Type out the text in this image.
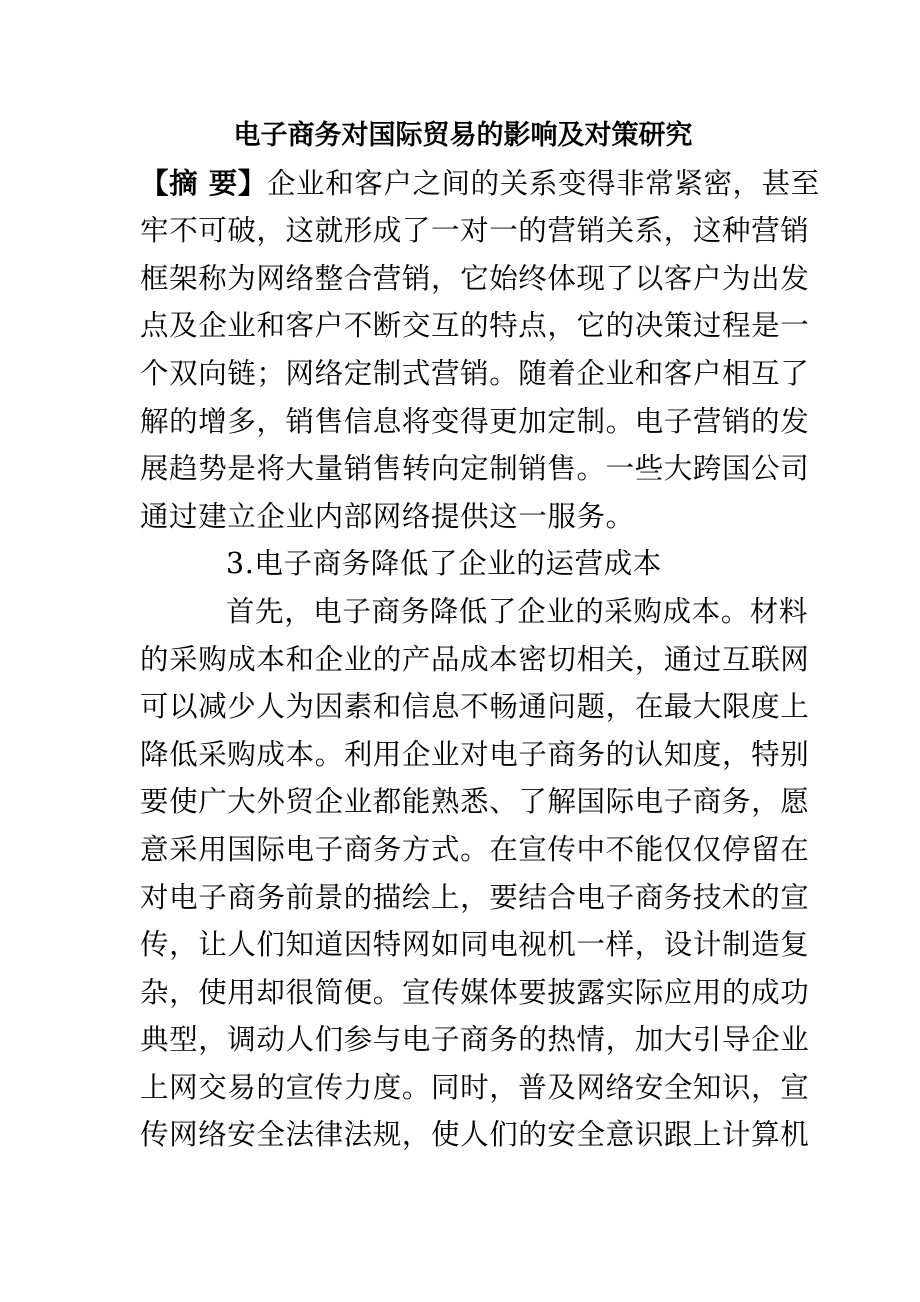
电子商务对国际贸易的影响及对策研究
【摘 要】企业和客户之间的关系变得非常紧密，甚至
牢不可破，这就形成了一对一的营销关系，这种营销
框架称为网络整合营销，它始终体现了以客户为出发
点及企业和客户不断交互的特点，它的决策过程是一
个双向链；网络定制式营销。随着企业和客户相互了
解的增多，销售信息将变得更加定制。电子营销的发
展趋势是将大量销售转向定制销售。一些大跨国公司
通过建立企业内部网络提供这一服务。
3.电子商务降低了企业的运营成本
首先，电子商务降低了企业的采购成本。材料
的采购成本和企业的产品成本密切相关，通过互联网
可以减少人为因素和信息不畅通问题，在最大限度上
降低采购成本。利用企业对电子商务的认知度，特别
要使广大外贸企业都能熟悉、了解国际电子商务，愿
意采用国际电子商务方式。在宣传中不能仅仅停留在
对电子商务前景的描绘上，要结合电子商务技术的宣
传，让人们知道因特网如同电视机一样，设计制造复
杂，使用却很简便。宣传媒体要披露实际应用的成功
典型，调动人们参与电子商务的热情，加大引导企业
上网交易的宣传力度。同时，普及网络安全知识，宣
传网络安全法律法规，使人们的安全意识跟上计算机
